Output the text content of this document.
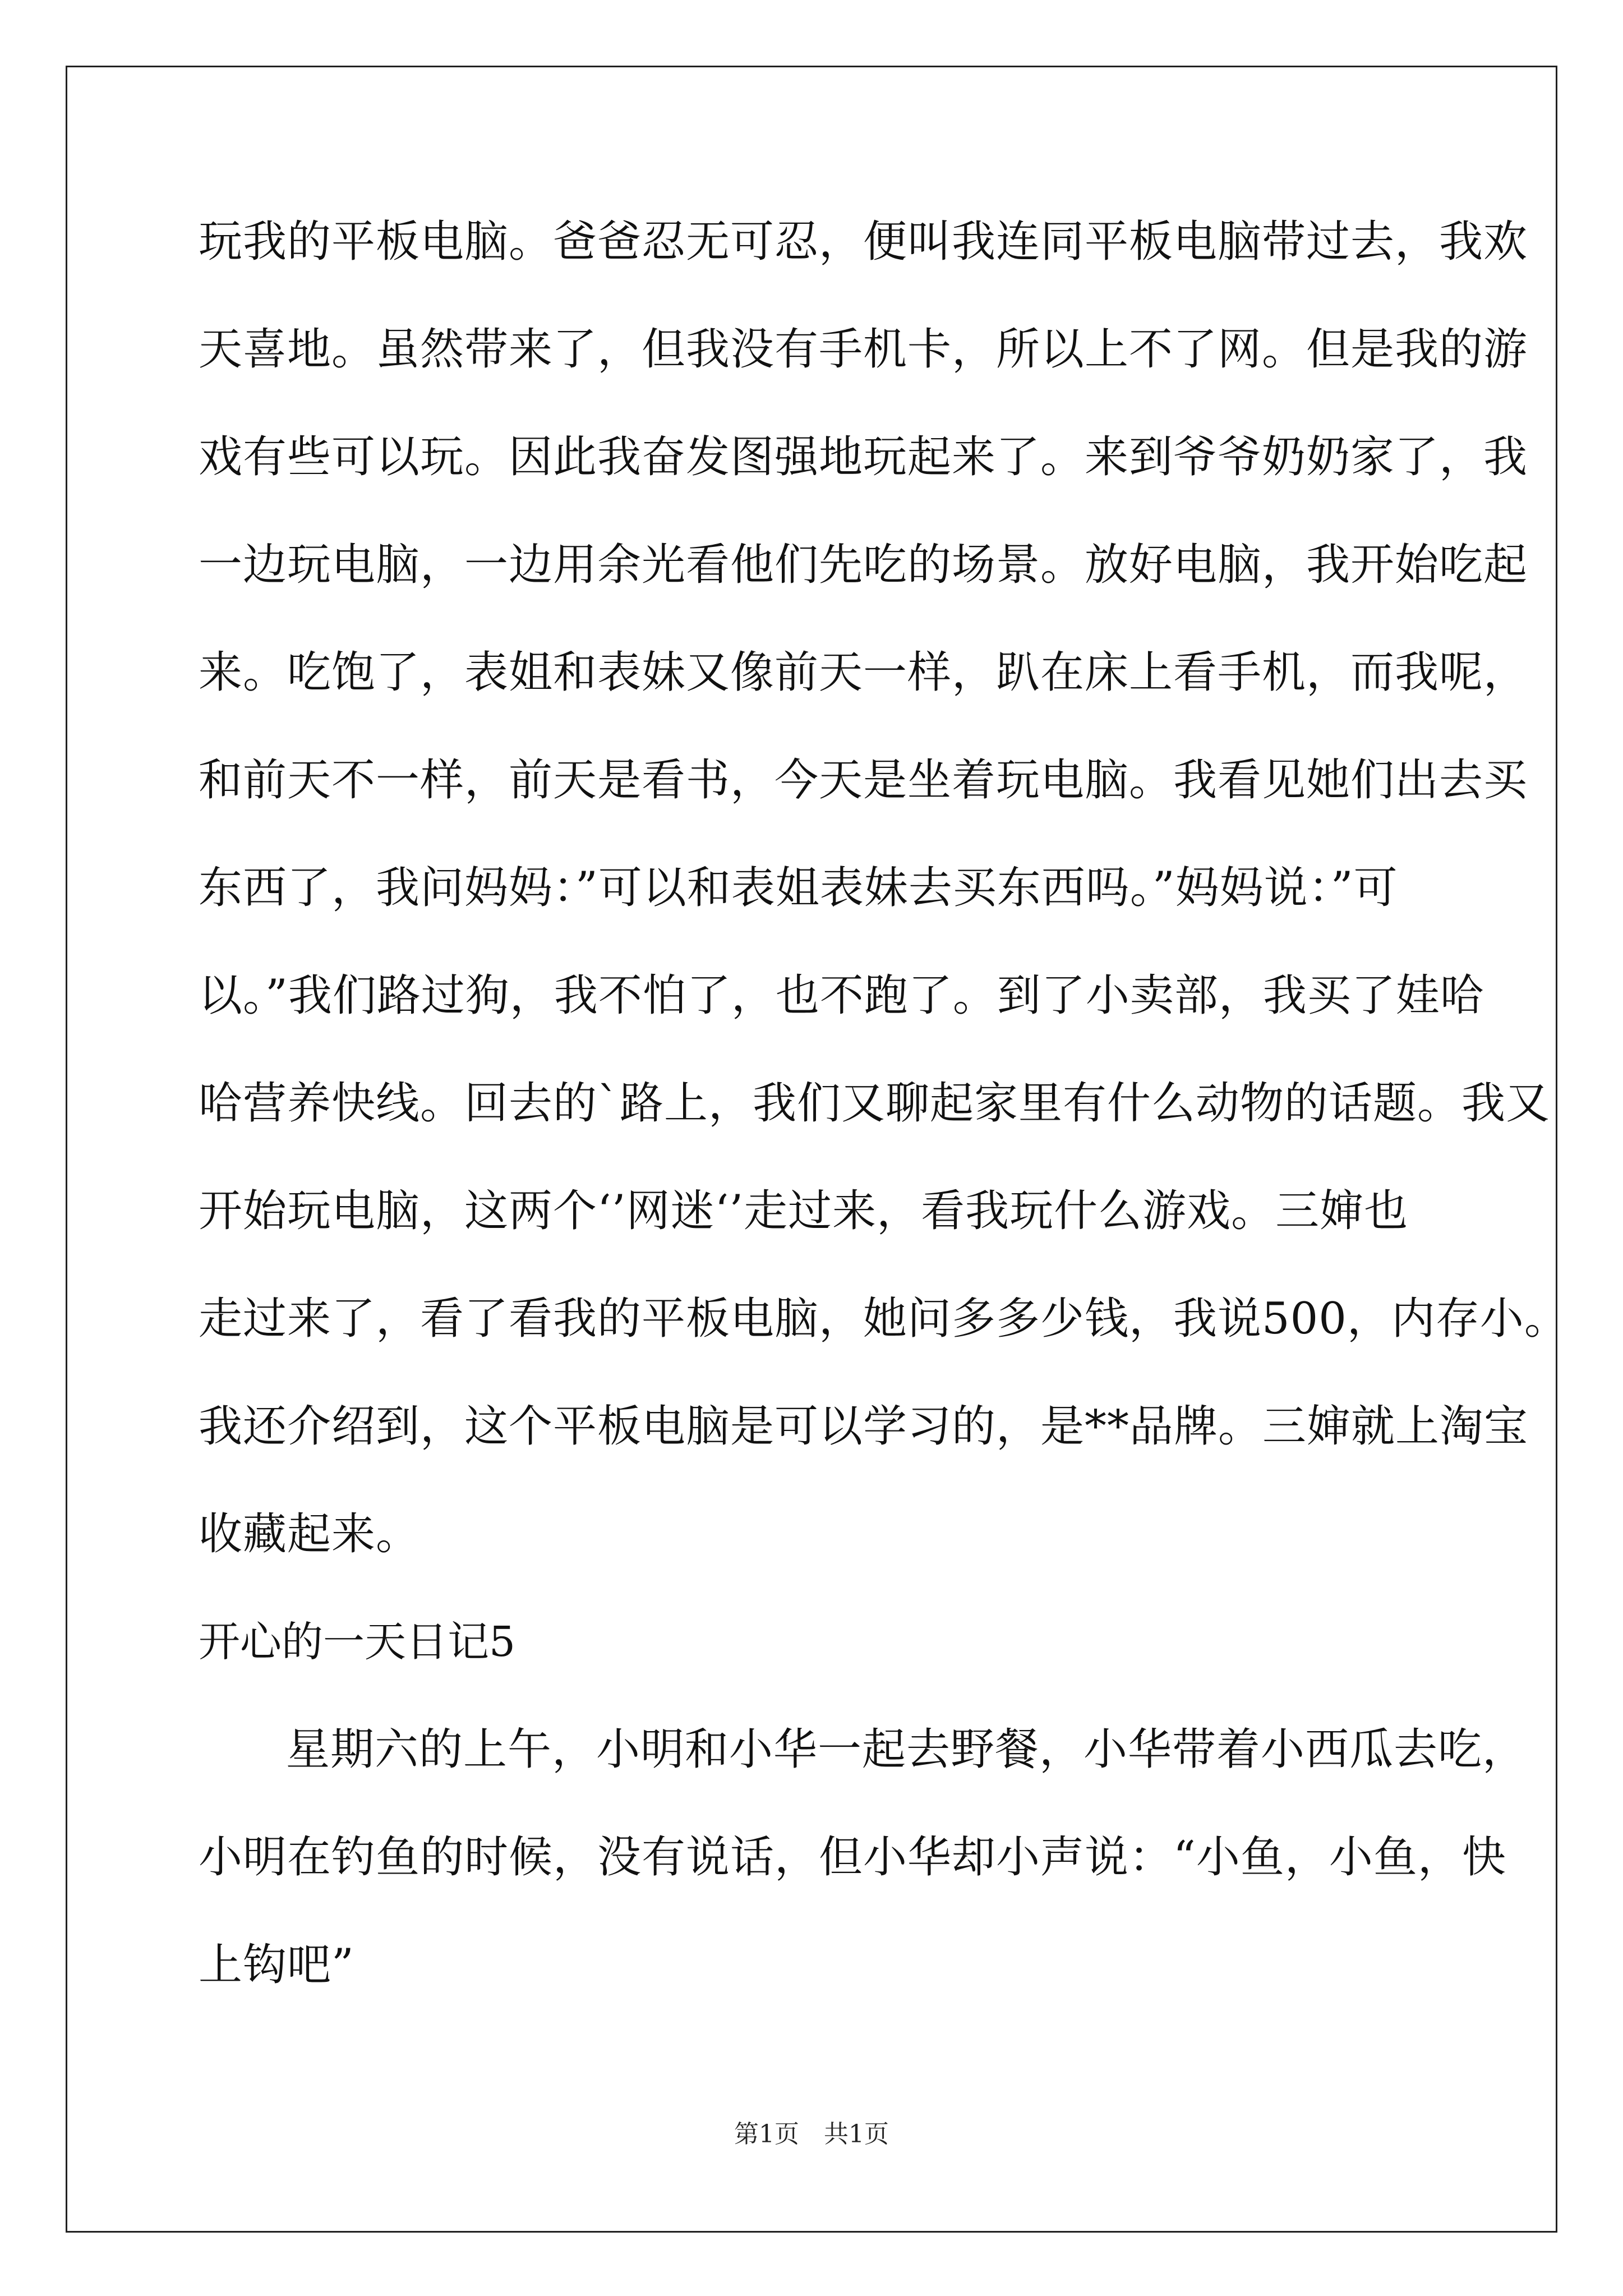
玩我的平板电脑。爸爸忍无可忍，便叫我连同平板电脑带过去，我欢
天喜地。虽然带来了，但我没有手机卡，所以上不了网。但是我的游
戏有些可以玩。因此我奋发图强地玩起来了。来到爷爷奶奶家了，我
一边玩电脑，一边用余光看他们先吃的场景。放好电脑，我开始吃起
来。吃饱了，表姐和表妹又像前天一样，趴在床上看手机，而我呢，
和前天不一样，前天是看书，今天是坐着玩电脑。我看见她们出去买
东西了，我问妈妈：”可以和表姐表妹去买东西吗。”妈妈说：”可
以。”我们路过狗，我不怕了，也不跑了。到了小卖部，我买了娃哈
哈营养快线。回去的`路上，我们又聊起家里有什么动物的话题。我又
开始玩电脑，这两个‘’网迷‘’走过来，看我玩什么游戏。三婶也
走过来了，看了看我的平板电脑，她问多多少钱，我说500，内存小。
我还介绍到，这个平板电脑是可以学习的，是**品牌。三婶就上淘宝
收藏起来。
开心的一天日记5
星期六的上午，小明和小华一起去野餐，小华带着小西瓜去吃，
小明在钓鱼的时候，没有说话，但小华却小声说：“小鱼，小鱼，快
上钩吧”
第1页　共1页
